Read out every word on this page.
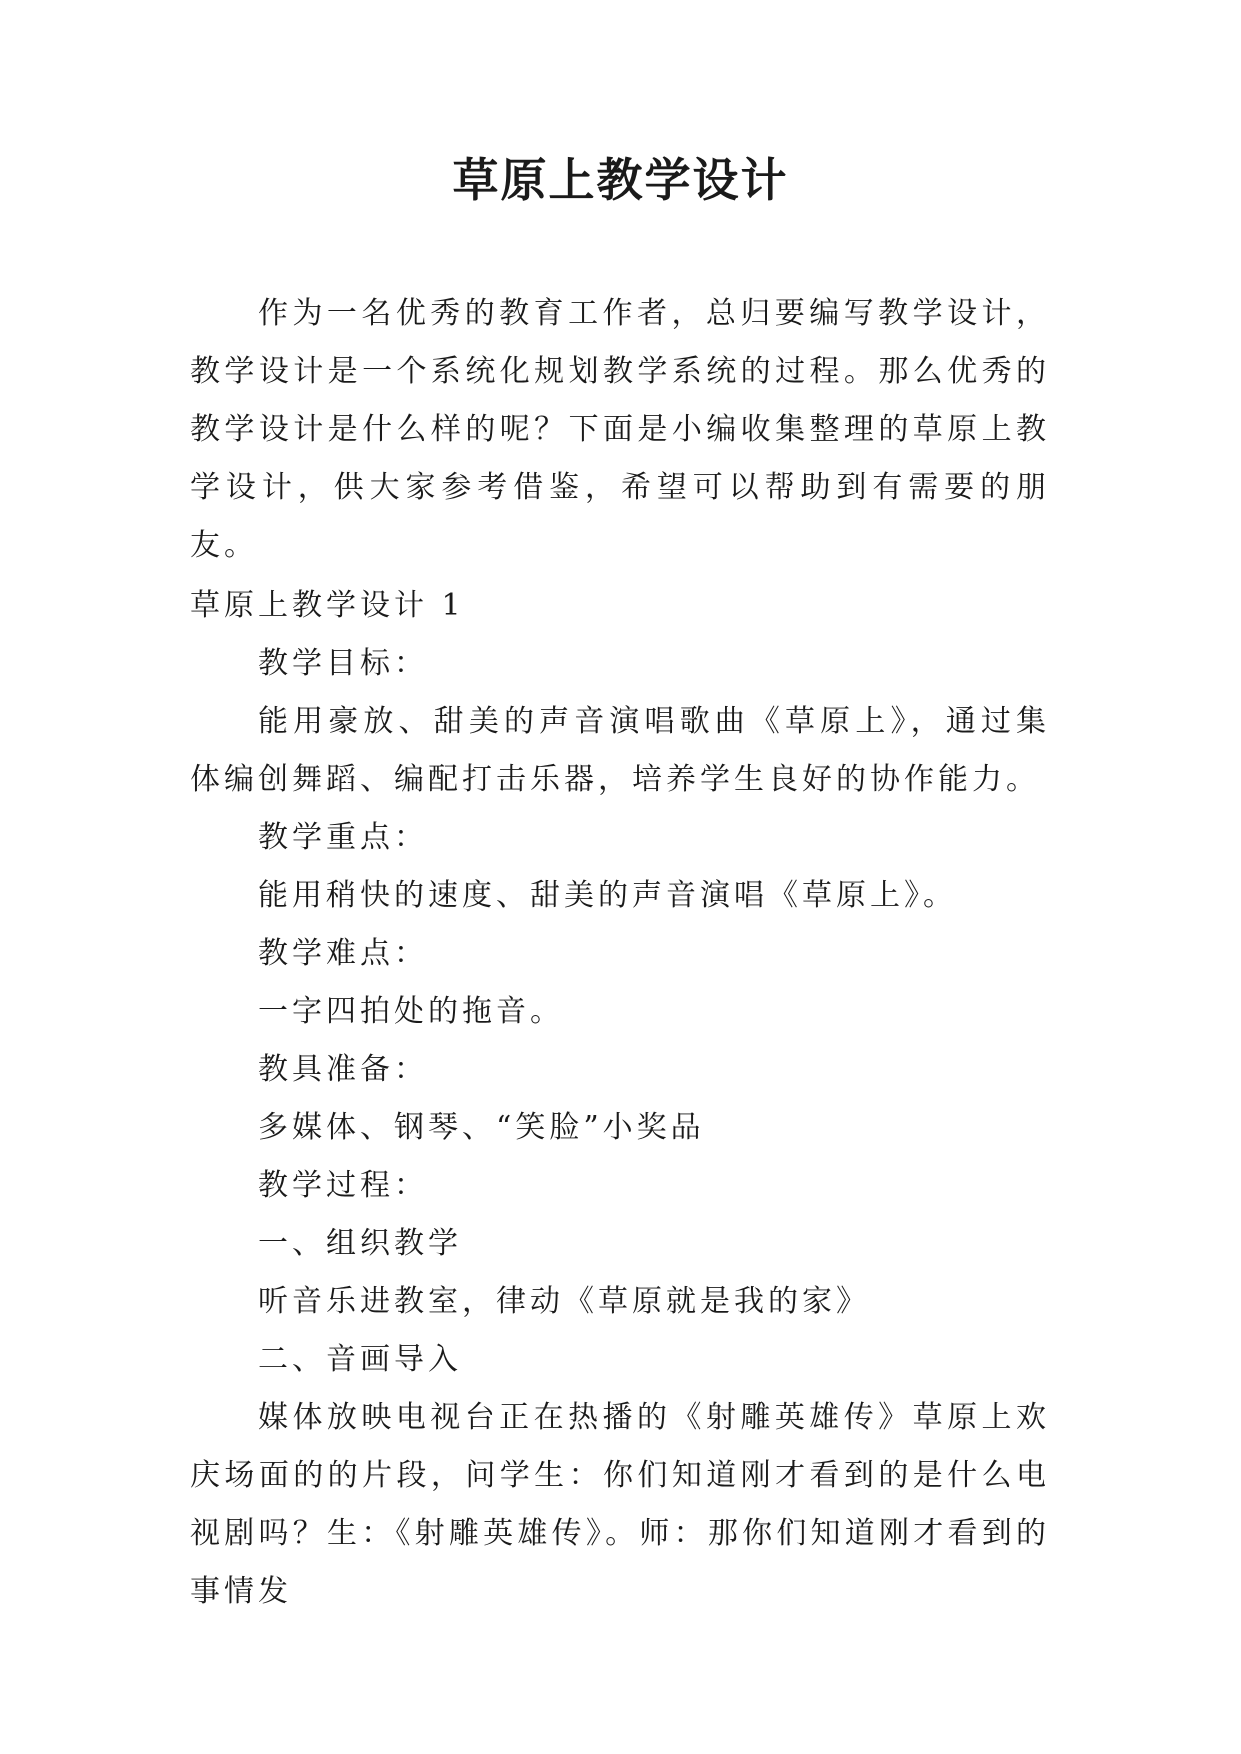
草原上教学设计

作为一名优秀的教育工作者，总归要编写教学设计，教学设计是一个系统化规划教学系统的过程。那么优秀的教学设计是什么样的呢？下面是小编收集整理的草原上教学设计，供大家参考借鉴，希望可以帮助到有需要的朋友。

草原上教学设计 1

教学目标：

能用豪放、甜美的声音演唱歌曲《草原上》，通过集体编创舞蹈、编配打击乐器，培养学生良好的协作能力。

教学重点：

能用稍快的速度、甜美的声音演唱《草原上》。

教学难点：

一字四拍处的拖音。

教具准备：

多媒体、钢琴、“笑脸”小奖品

教学过程：

一、组织教学

听音乐进教室，律动《草原就是我的家》

二、音画导入

媒体放映电视台正在热播的《射雕英雄传》草原上欢庆场面的的片段，问学生：你们知道刚才看到的是什么电视剧吗？生：《射雕英雄传》。师：那你们知道刚才看到的事情发
